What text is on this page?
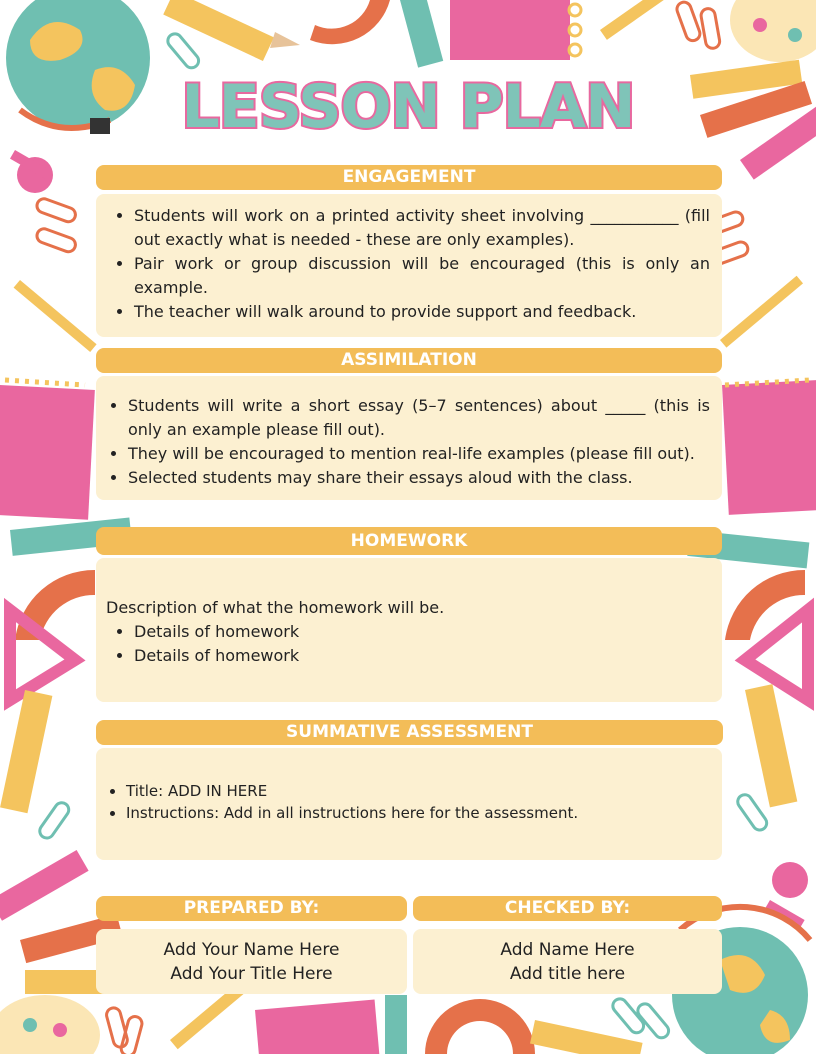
LESSON PLAN
ENGAGEMENT
• Students will work on a printed activity sheet involving ___________ (fill out exactly what is needed - these are only examples).
• Pair work or group discussion will be encouraged (this is only an example.
• The teacher will walk around to provide support and feedback.
ASSIMILATION
• Students will write a short essay (5–7 sentences) about _____ (this is only an example please fill out).
• They will be encouraged to mention real-life examples (please fill out).
• Selected students may share their essays aloud with the class.
HOMEWORK
Description of what the homework will be.
• Details of homework
• Details of homework
SUMMATIVE ASSESSMENT
• Title: ADD IN HERE
• Instructions: Add in all instructions here for the assessment.
PREPARED BY:
Add Your Name Here
Add Your Title Here
CHECKED BY:
Add Name Here
Add title here
